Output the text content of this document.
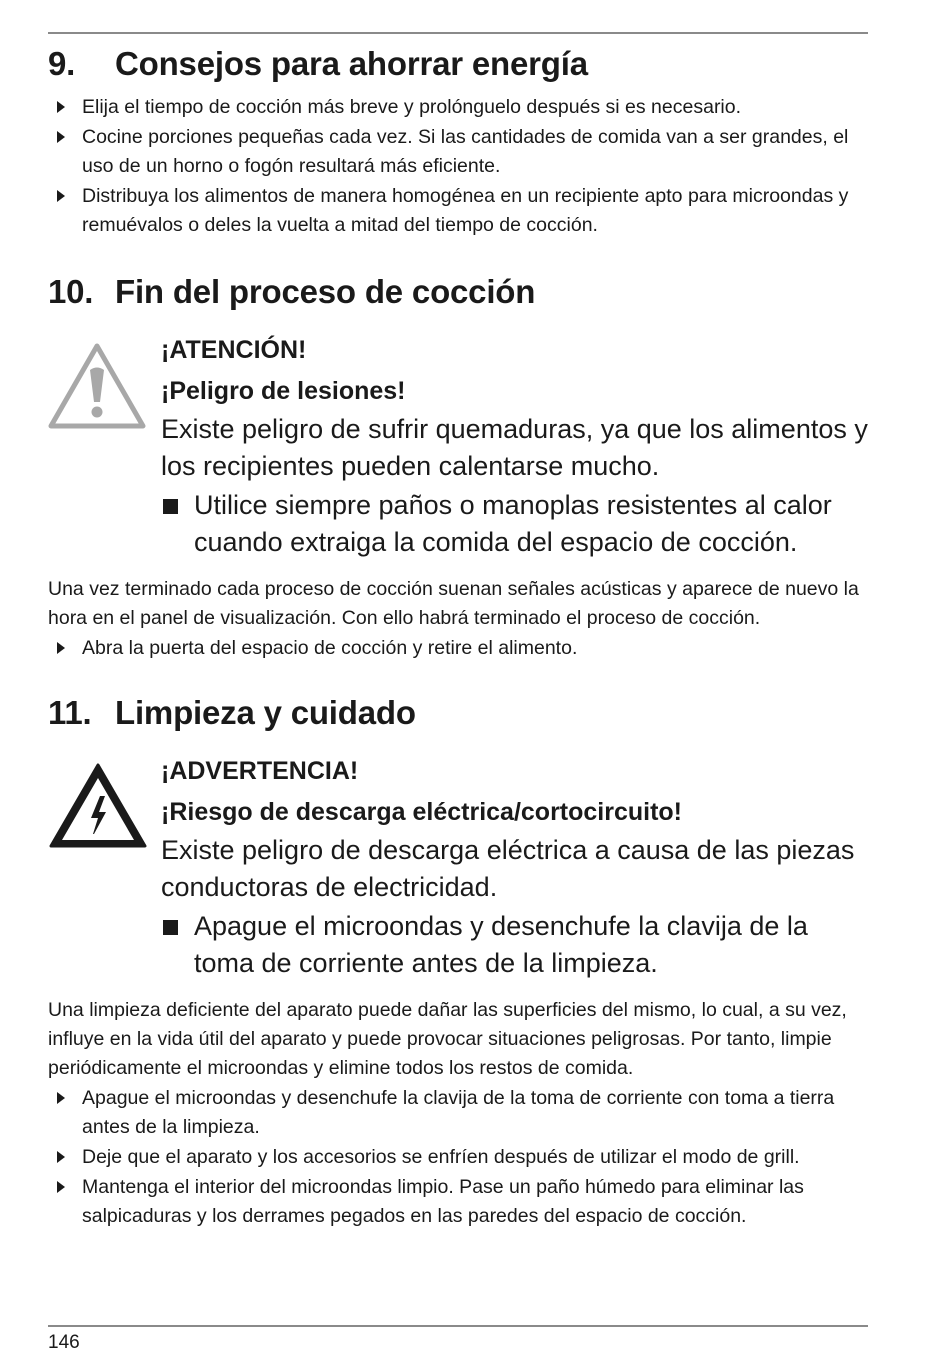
9.	Consejos para ahorrar energía
Elija el tiempo de cocción más breve y prolónguelo después si es necesario.
Cocine porciones pequeñas cada vez. Si las cantidades de comida van a ser grandes, el uso de un horno o fogón resultará más eficiente.
Distribuya los alimentos de manera homogénea en un recipiente apto para microondas y remuévalos o deles la vuelta a mitad del tiempo de cocción.
10. Fin del proceso de cocción
¡ATENCIÓN!
¡Peligro de lesiones!
Existe peligro de sufrir quemaduras, ya que los alimentos y los recipientes pueden calentarse mucho.
Utilice siempre paños o manoplas resistentes al calor cuando extraiga la comida del espacio de cocción.

Una vez terminado cada proceso de cocción suenan señales acústicas y aparece de nuevo la hora en el panel de visualización. Con ello habrá terminado el proceso de cocción.

Abra la puerta del espacio de cocción y retire el alimento.
11. Limpieza y cuidado
¡ADVERTENCIA!
¡Riesgo de descarga eléctrica/cortocircuito!
Existe peligro de descarga eléctrica a causa de las piezas conductoras de electricidad.
Apague el microondas y desenchufe la clavija de la toma de corriente antes de la limpieza.

Una limpieza deficiente del aparato puede dañar las superficies del mismo, lo cual, a su vez, influye en la vida útil del aparato y puede provocar situaciones peligrosas. Por tanto, limpie periódicamente el microondas y elimine todos los restos de comida.

Apague el microondas y desenchufe la clavija de la toma de corriente con toma a tierra antes de la limpieza.
Deje que el aparato y los accesorios se enfríen después de utilizar el modo de grill.
Mantenga el interior del microondas limpio. Pase un paño húmedo para eliminar las salpicaduras y los derrames pegados en las paredes del espacio de cocción.
146
